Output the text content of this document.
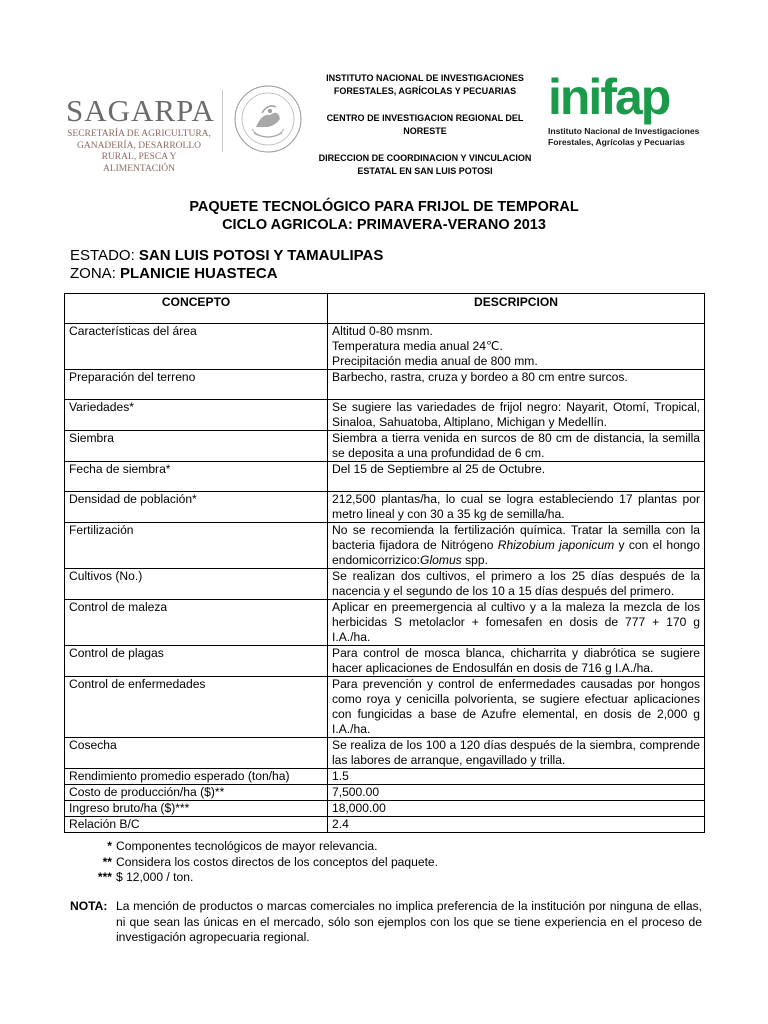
SAGARPA
SECRETARÍA DE AGRICULTURA, GANADERÍA, DESARROLLO RURAL, PESCA Y ALIMENTACIÓN

INSTITUTO NACIONAL DE INVESTIGACIONES

FORESTALES, AGRÍCOLAS Y PECUARIAS

CENTRO DE INVESTIGACION REGIONAL DEL

NORESTE

DIRECCION DE COORDINACION Y VINCULACION

ESTATAL EN SAN LUIS POTOSI

inifap
Instituto Nacional de Investigaciones
Forestales, Agrícolas y Pecuarias
PAQUETE TECNOLÓGICO PARA FRIJOL DE TEMPORAL
CICLO AGRICOLA: PRIMAVERA-VERANO 2013
ESTADO: SAN LUIS POTOSI Y TAMAULIPAS
ZONA: PLANICIE HUASTECA
CONCEPTO	DESCRIPCION
Características del área	Altitud 0-80 msnm.
Temperatura media anual 24℃.
Precipitación media anual de 800 mm.

Preparación del terreno	Barbecho, rastra, cruza y bordeo a 80 cm entre surcos.
Variedades*	Se sugiere las variedades de frijol negro: Nayarit, Otomí, Tropical, Sinaloa, Sahuatoba, Altiplano, Michigan y Medellín.
Siembra	Siembra a tierra venida en surcos de 80 cm de distancia, la semilla se deposita a una profundidad de 6 cm.
Fecha de siembra*	Del 15 de Septiembre al 25 de Octubre.
Densidad de población*	212,500 plantas/ha, lo cual se logra estableciendo 17 plantas por metro lineal y con 30 a 35 kg de semilla/ha.
Fertilización	No se recomienda la fertilización química. Tratar la semilla con la bacteria fijadora de Nitrógeno Rhizobium japonicum y con el hongo endomicorrizico:Glomus spp.
Cultivos (No.)	Se realizan dos cultivos, el primero a los 25 días después de la nacencia y el segundo de los 10 a 15 días después del primero.
Control de maleza	Aplicar en preemergencia al cultivo y a la maleza la mezcla de los herbicidas S metolaclor + fomesafen en dosis de 777 + 170 g I.A./ha.
Control de plagas	Para control de mosca blanca, chicharrita y diabrótica se sugiere hacer aplicaciones de Endosulfán en dosis de 716 g I.A./ha.
Control de enfermedades	Para prevención y control de enfermedades causadas por hongos como roya y cenicilla polvorienta, se sugiere efectuar aplicaciones con fungicidas a base de Azufre elemental, en dosis de 2,000 g I.A./ha.
Cosecha	Se realiza de los 100 a 120 días después de la siembra, comprende las labores de arranque, engavillado y trilla.
Rendimiento promedio esperado (ton/ha)	1.5
Costo de producción/ha ($)**	7,500.00
Ingreso bruto/ha ($)***	18,000.00
Relación B/C	2.4
* Componentes tecnológicos de mayor relevancia.
** Considera los costos directos de los conceptos del paquete.
*** $ 12,000 / ton.
NOTA: La mención de productos o marcas comerciales no implica preferencia de la institución por ninguna de ellas, ni que sean las únicas en el mercado, sólo son ejemplos con los que se tiene experiencia en el proceso de investigación agropecuaria regional.
